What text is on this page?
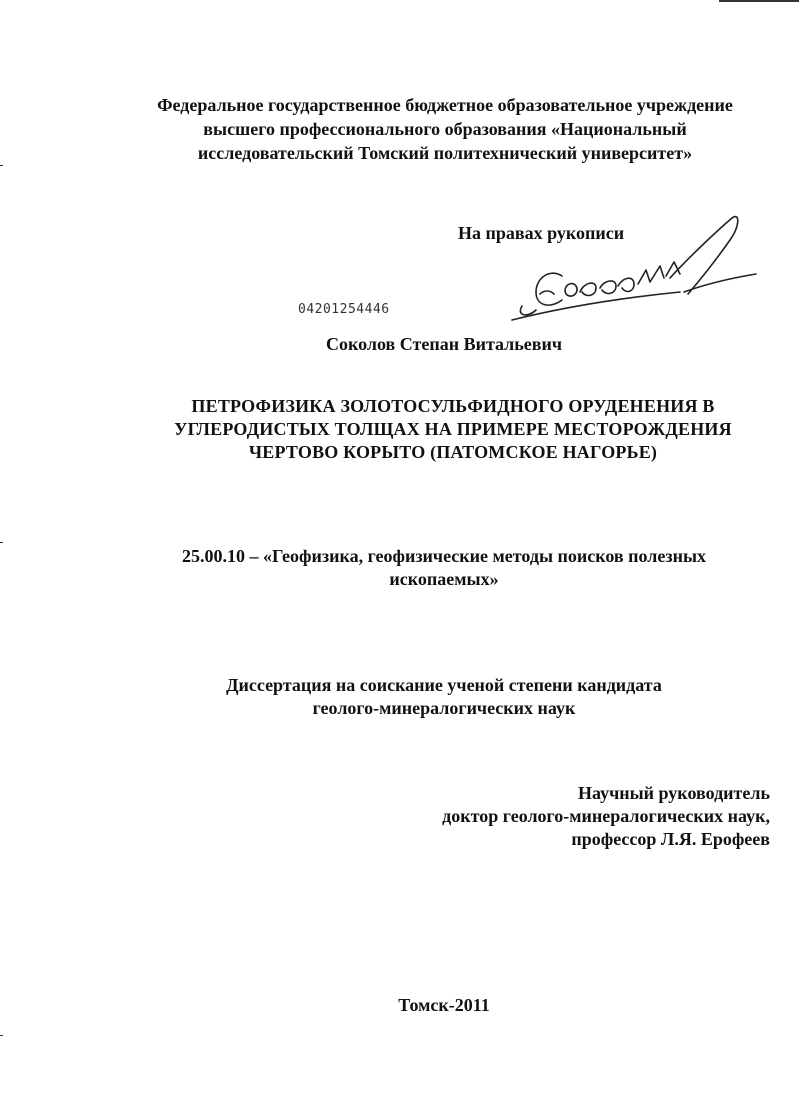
Федеральное государственное бюджетное образовательное учреждение
высшего профессионального образования «Национальный
исследовательский Томский политехнический университет»
На правах рукописи
04201254446
Соколов Степан Витальевич
ПЕТРОФИЗИКА ЗОЛОТОСУЛЬФИДНОГО ОРУДЕНЕНИЯ В
УГЛЕРОДИСТЫХ ТОЛЩАХ НА ПРИМЕРЕ МЕСТОРОЖДЕНИЯ
ЧЕРТОВО КОРЫТО (ПАТОМСКОЕ НАГОРЬЕ)
25.00.10 – «Геофизика, геофизические методы поисков полезных
ископаемых»
Диссертация на соискание ученой степени кандидата
геолого-минералогических наук
Научный руководитель
доктор геолого-минералогических наук,
профессор Л.Я. Ерофеев
Томск-2011
